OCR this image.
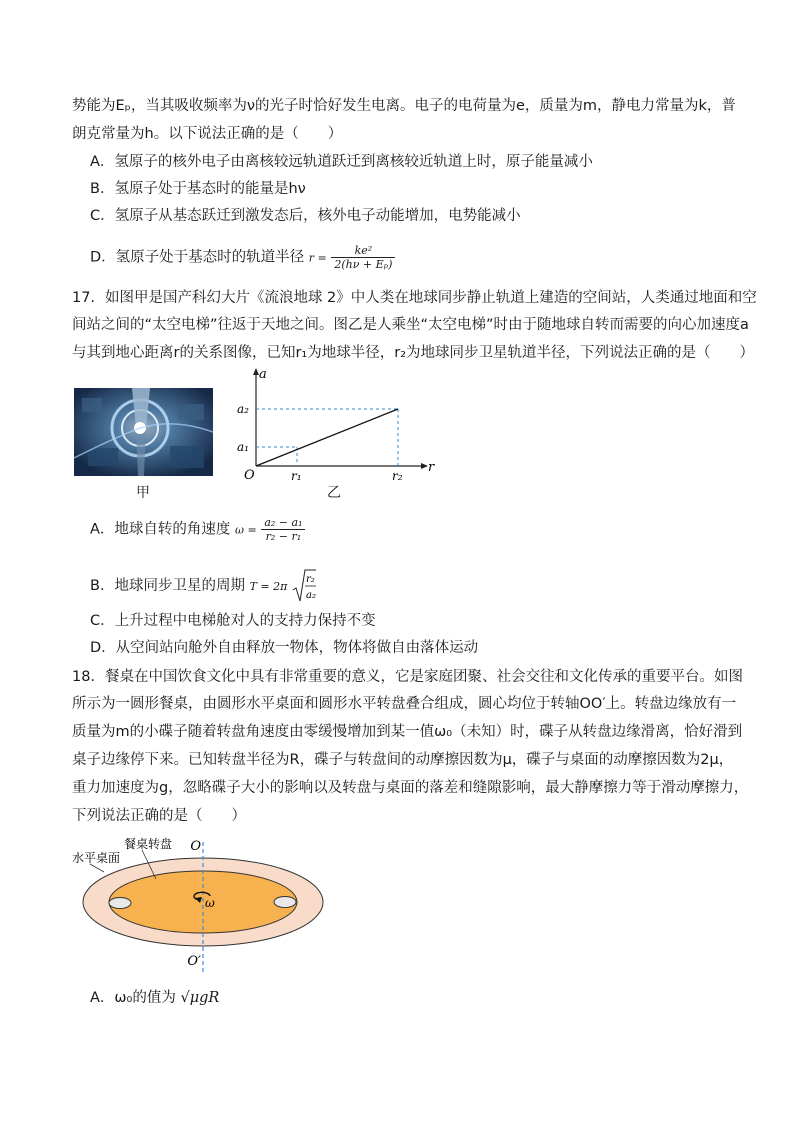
势能为Eₚ，当其吸收频率为ν的光子时恰好发生电离。电子的电荷量为e，质量为m，静电力常量为k，普
朗克常量为h。以下说法正确的是（　　）
A．氢原子的核外电子由离核较远轨道跃迁到离核较近轨道上时，原子能量减小
B．氢原子处于基态时的能量是hν
C．氢原子从基态跃迁到激发态后，核外电子动能增加，电势能减小
D．氢原子处于基态时的轨道半径 $r = \frac{\text{ke²}}{\text{2(hν + Eₚ)}}$
17．如图甲是国产科幻大片《流浪地球 2》中人类在地球同步静止轨道上建造的空间站，人类通过地面和空
间站之间的“太空电梯”往返于天地之间。图乙是人乘坐“太空电梯”时由于随地球自转而需要的向心加速度a
与其到地心距离r的关系图像，已知r₁为地球半径，r₂为地球同步卫星轨道半径，下列说法正确的是（　　）
甲
a
r
O
a₂
a₁
r₁	r₂
乙
A．地球自转的角速度 $\omega = \frac{\text{a₂ − a₁}}{\text{r₂ − r₁}}$
B．地球同步卫星的周期 T = 2π
r₂
a₂
C．上升过程中电梯舱对人的支持力保持不变
D．从空间站向舱外自由释放一物体，物体将做自由落体运动
18．餐桌在中国饮食文化中具有非常重要的意义，它是家庭团聚、社会交往和文化传承的重要平台。如图
所示为一圆形餐桌，由圆形水平桌面和圆形水平转盘叠合组成，圆心均位于转轴OO′上。转盘边缘放有一
质量为m的小碟子随着转盘角速度由零缓慢增加到某一值ω₀（未知）时，碟子从转盘边缘滑离，恰好滑到
桌子边缘停下来。已知转盘半径为R，碟子与转盘间的动摩擦因数为μ，碟子与桌面的动摩擦因数为2μ，
重力加速度为g，忽略碟子大小的影响以及转盘与桌面的落差和缝隙影响，最大静摩擦力等于滑动摩擦力，
下列说法正确的是（　　）
ω
O
O′
餐桌转盘
水平桌面
A．ω₀的值为 √μgR
